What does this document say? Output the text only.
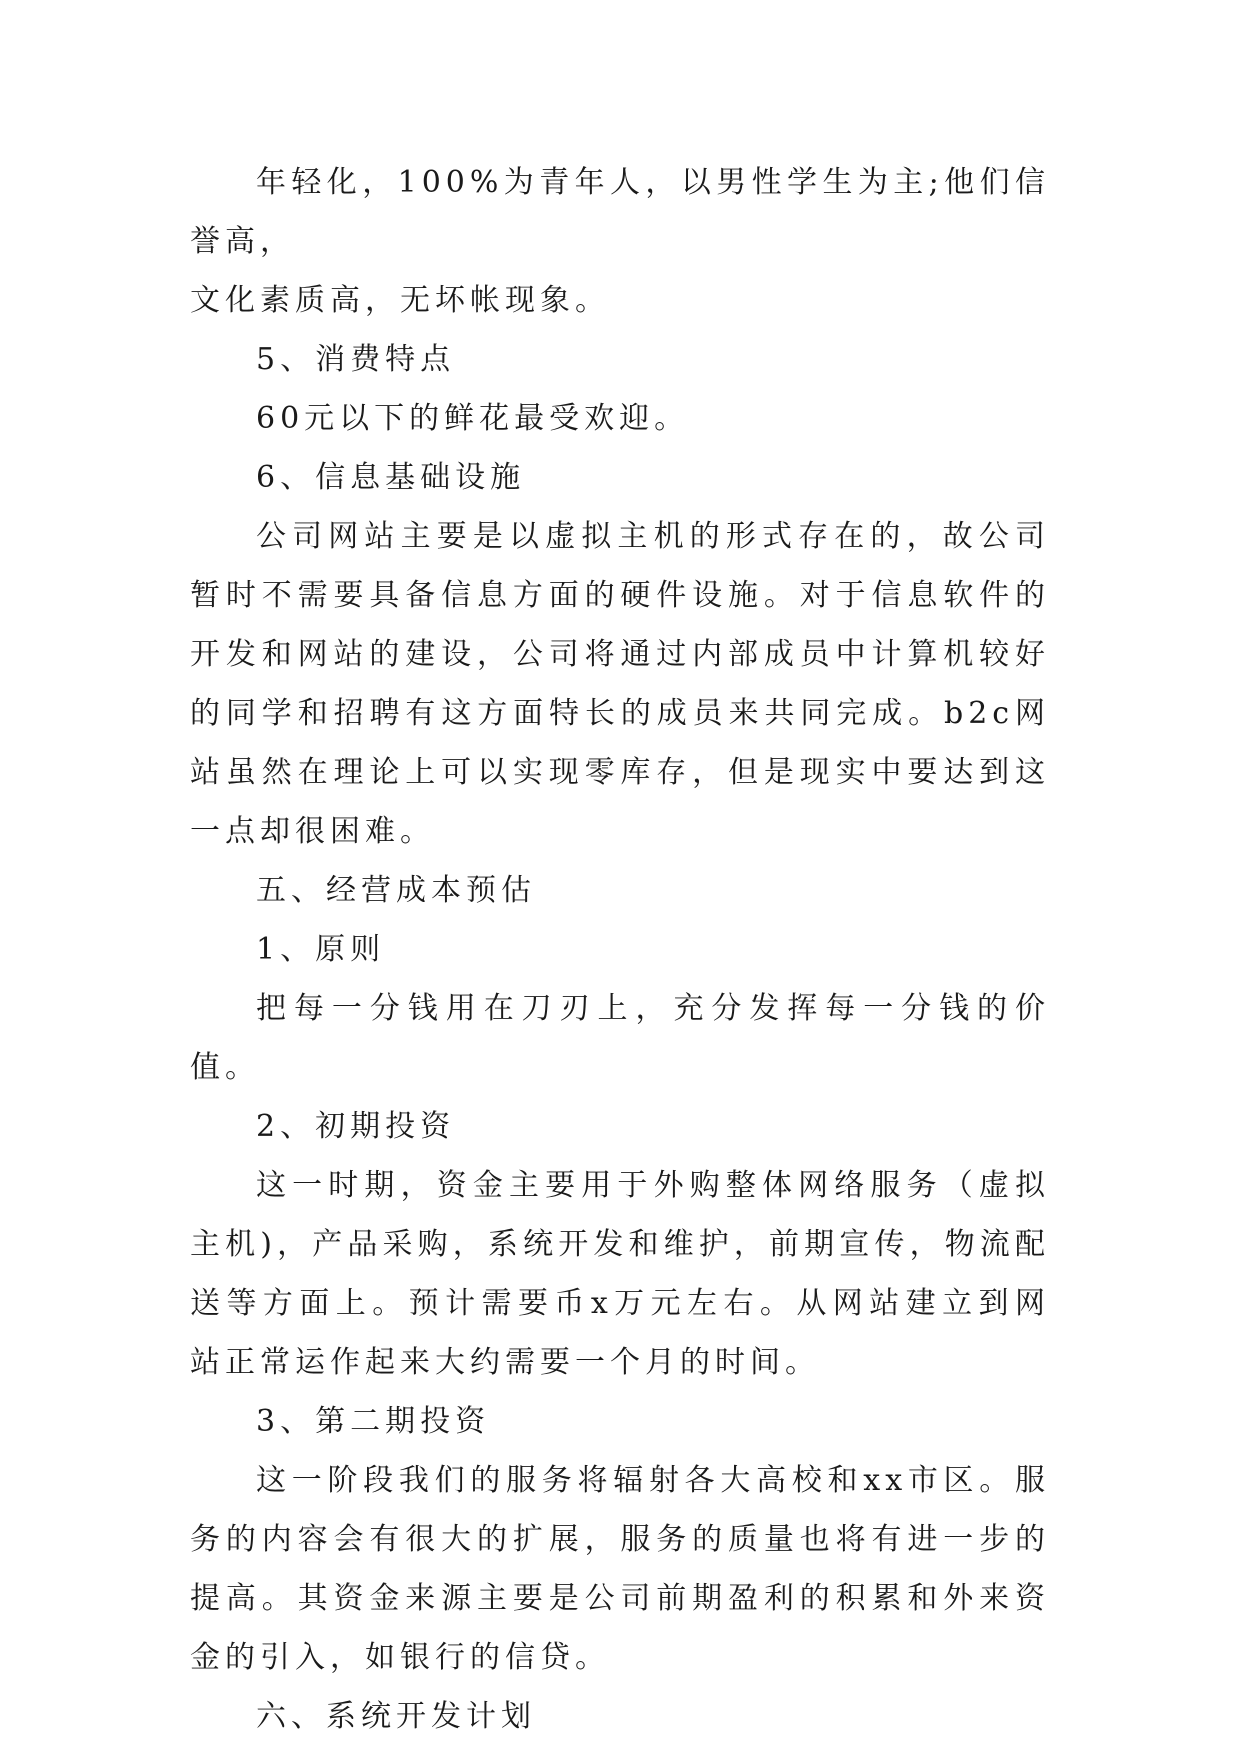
年轻化，100%为青年人，以男性学生为主;他们信誉高，

文化素质高，无坏帐现象。

5、消费特点

60元以下的鲜花最受欢迎。

6、信息基础设施

公司网站主要是以虚拟主机的形式存在的，故公司暂时不需要具备信息方面的硬件设施。对于信息软件的开发和网站的建设，公司将通过内部成员中计算机较好的同学和招聘有这方面特长的成员来共同完成。b2c网站虽然在理论上可以实现零库存，但是现实中要达到这一点却很困难。

五、经营成本预估

1、原则

把每一分钱用在刀刃上，充分发挥每一分钱的价值。

2、初期投资

这一时期，资金主要用于外购整体网络服务（虚拟主机)，产品采购，系统开发和维护，前期宣传，物流配送等方面上。预计需要币x万元左右。从网站建立到网站正常运作起来大约需要一个月的时间。

3、第二期投资

这一阶段我们的服务将辐射各大高校和xx市区。服务的内容会有很大的扩展，服务的质量也将有进一步的提高。其资金来源主要是公司前期盈利的积累和外来资金的引入，如银行的信贷。

六、系统开发计划
